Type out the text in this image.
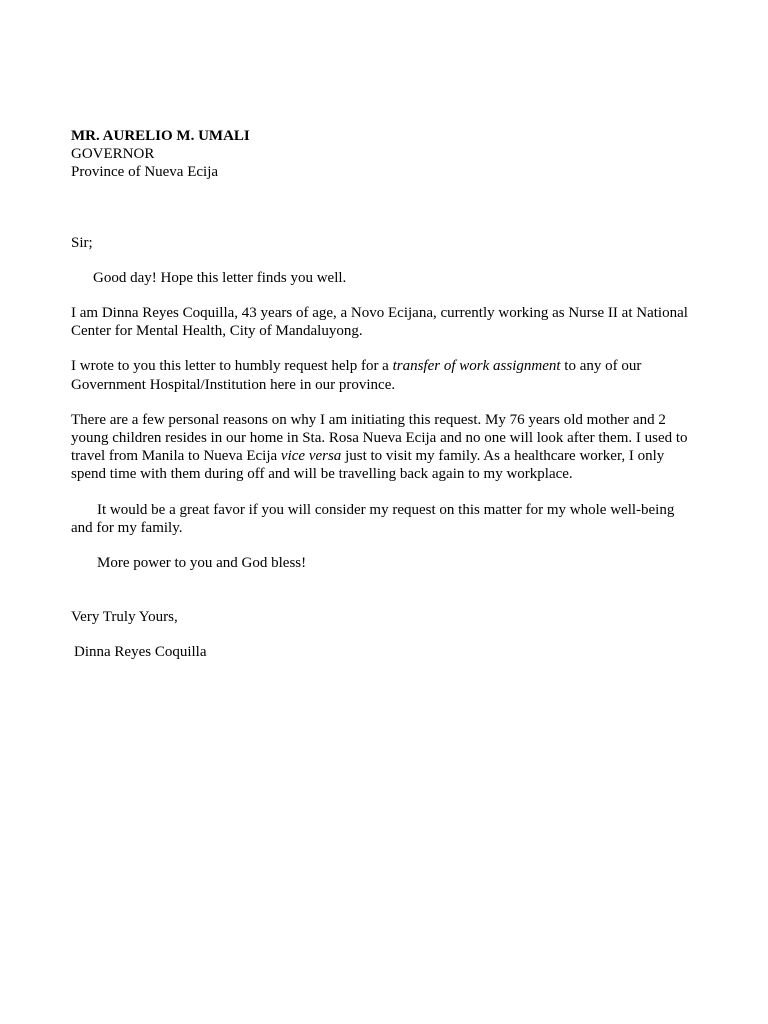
MR. AURELIO M. UMALI
GOVERNOR
Province of Nueva Ecija

Sir;

Good day! Hope this letter finds you well.

I am Dinna Reyes Coquilla, 43 years of age, a Novo Ecijana, currently working as Nurse II at National Center for Mental Health, City of Mandaluyong.

I wrote to you this letter to humbly request help for a transfer of work assignment to any of our Government Hospital/Institution here in our province.

There are a few personal reasons on why I am initiating this request. My 76 years old mother and 2 young children resides in our home in Sta. Rosa Nueva Ecija and no one will look after them. I used to travel from Manila to Nueva Ecija vice versa just to visit my family. As a healthcare worker, I only spend time with them during off and will be travelling back again to my workplace.

It would be a great favor if you will consider my request on this matter for my whole well-being and for my family.

More power to you and God bless!

Very Truly Yours,

Dinna Reyes Coquilla
